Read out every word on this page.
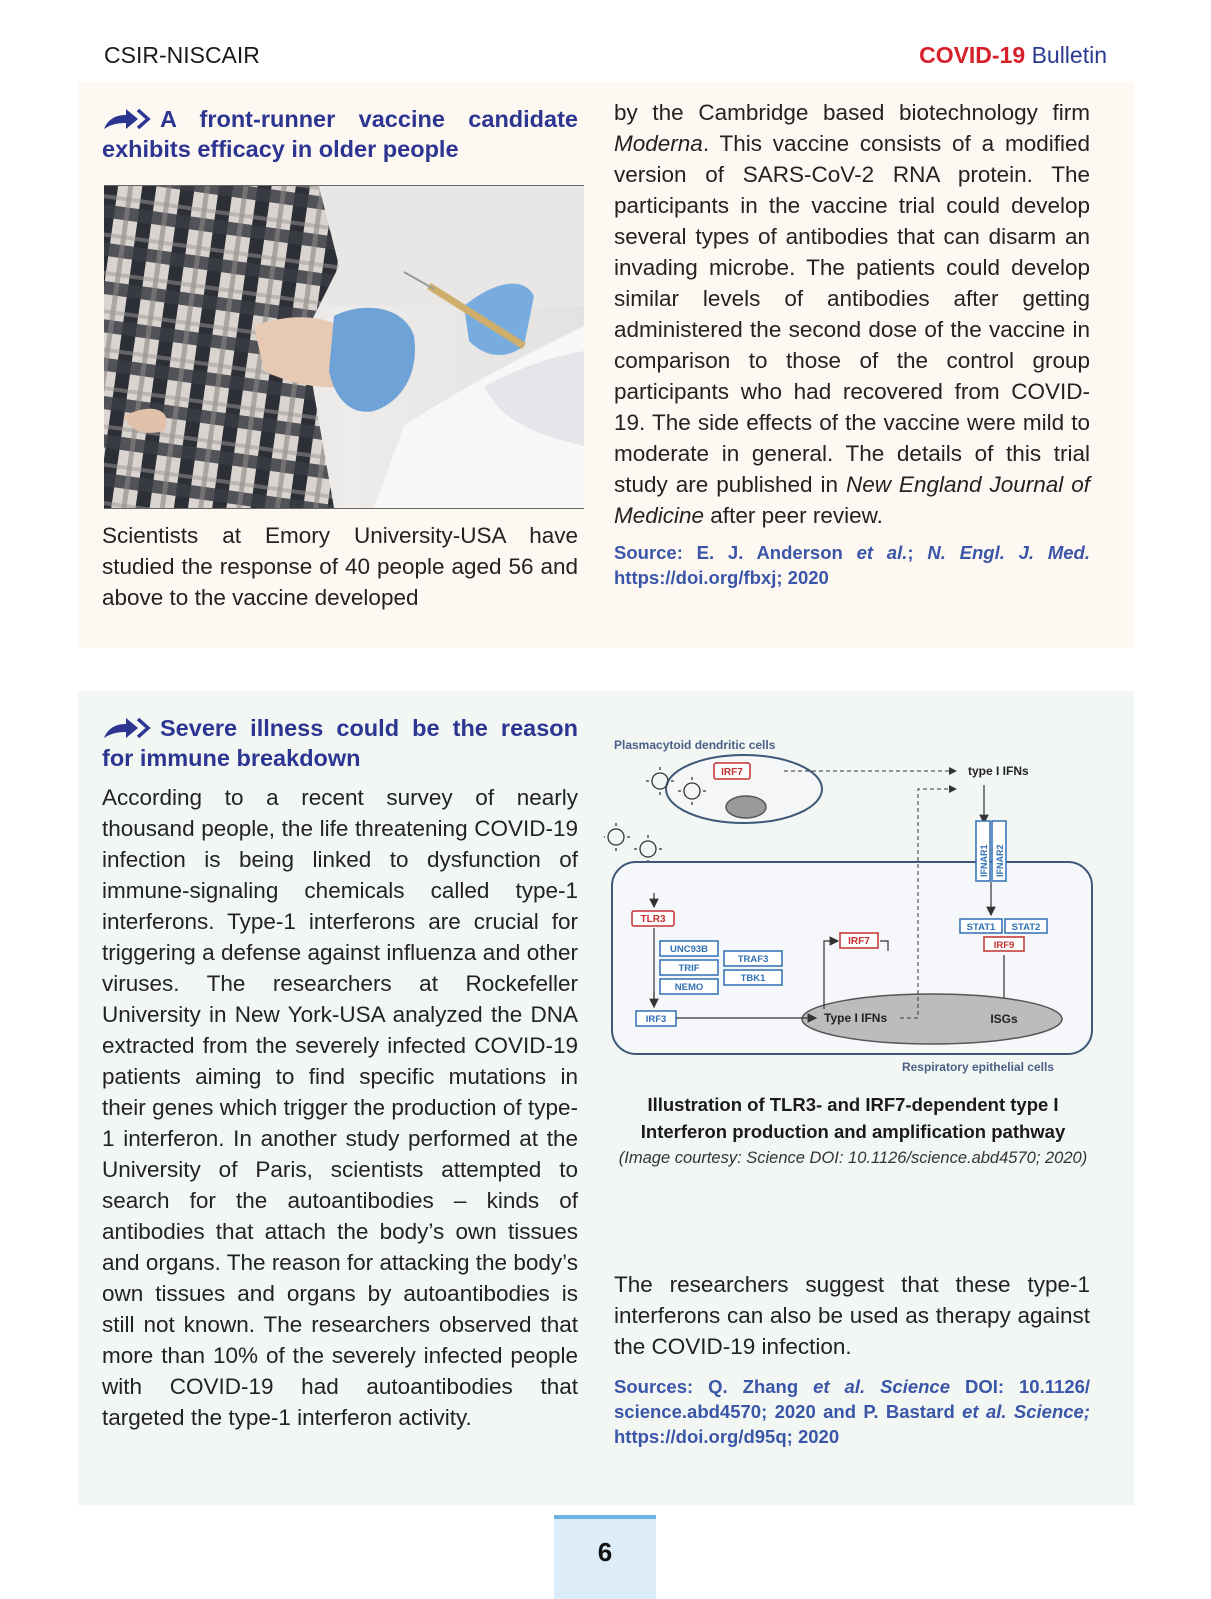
CSIR-NISCAIR	COVID-19 Bulletin
A front-runner vaccine candidate exhibits efficacy in older people
Scientists at Emory University-USA have studied the response of 40 people aged 56 and above to the vaccine developed
by the Cambridge based biotechnology firm Moderna. This vaccine consists of a modified version of SARS-CoV-2 RNA protein. The participants in the vaccine trial could develop several types of antibodies that can disarm an invading microbe. The patients could develop similar levels of antibodies after getting administered the second dose of the vaccine in comparison to those of the control group participants who had recovered from COVID-19. The side effects of the vaccine were mild to moderate in general. The details of this trial study are published in New England Journal of Medicine after peer review.
Source: E. J. Anderson et al.; N. Engl. J. Med. https://doi.org/fbxj; 2020
Severe illness could be the reason for immune breakdown
According to a recent survey of nearly thousand people, the life threatening COVID-19 infection is being linked to dysfunction of immune-signaling chemicals called type-1 interferons. Type-1 interferons are crucial for triggering a defense against influenza and other viruses. The researchers at Rockefeller University in New York-USA analyzed the DNA extracted from the severely infected COVID-19 patients aiming to find specific mutations in their genes which trigger the production of type-1 interferon. In another study performed at the University of Paris, scientists attempted to search for the autoantibodies – kinds of antibodies that attach the body’s own tissues and organs. The reason for attacking the body’s own tissues and organs by autoantibodies is still not known. The researchers observed that more than 10% of the severely infected people with COVID-19 had autoantibodies that targeted the type-1 interferon activity.
Plasmacytoid dendritic cells
IRF7	type I IFNs
IFNAR1 IFNAR2
STAT1 STAT2
IRF9
TLR3
UNC93B
TRIF
NEMO
TRAF3
TBK1
IRF3	Type I IFNs	ISGs
IRF7
Respiratory epithelial cells
Illustration of TLR3- and IRF7-dependent type I Interferon production and amplification pathway
(Image courtesy: Science DOI: 10.1126/science.abd4570; 2020)
The researchers suggest that these type-1 interferons can also be used as therapy against the COVID-19 infection.
Sources: Q. Zhang et al. Science DOI: 10.1126/ science.abd4570; 2020 and P. Bastard et al. Science; https://doi.org/d95q; 2020
6
